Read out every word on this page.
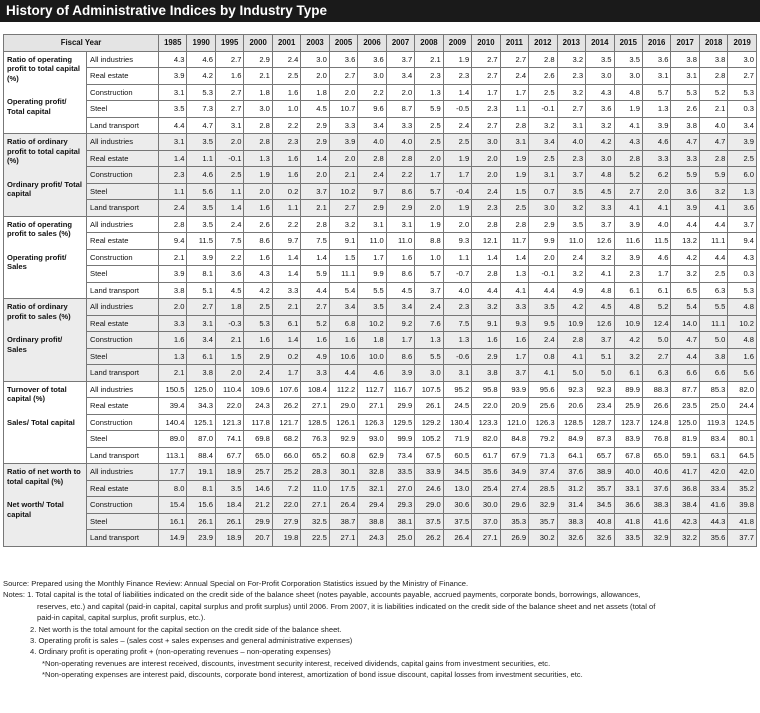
History of Administrative Indices by Industry Type
Fiscal Year		1985	1990	1995	2000	2001	2003	2005	2006	2007	2008	2009	2010	2011	2012	2013	2014	2015	2016	2017	2018	2019

Ratio of operating profit to total capital (%)
Operating profit/ Total capital	All industries	4.3	4.6	2.7	2.9	2.4	3.0	3.6	3.6	3.7	2.1	1.9	2.7	2.7	2.8	3.2	3.5	3.5	3.6	3.8	3.8	3.0
	Real estate	3.9	4.2	1.6	2.1	2.5	2.0	2.7	3.0	3.4	2.3	2.3	2.7	2.4	2.6	2.3	3.0	3.0	3.1	3.1	2.8	2.7
	Construction	3.1	5.3	2.7	1.8	1.6	1.8	2.0	2.2	2.0	1.3	1.4	1.7	1.7	2.5	3.2	4.3	4.8	5.7	5.3	5.2	5.3
	Steel	3.5	7.3	2.7	3.0	1.0	4.5	10.7	9.6	8.7	5.9	-0.5	2.3	1.1	-0.1	2.7	3.6	1.9	1.3	2.6	2.1	0.3
	Land transport	4.4	4.7	3.1	2.8	2.2	2.9	3.3	3.4	3.3	2.5	2.4	2.7	2.8	3.2	3.1	3.2	4.1	3.9	3.8	4.0	3.4

Ratio of ordinary profit to total capital (%)
Ordinary profit/ Total capital	All industries	3.1	3.5	2.0	2.8	2.3	2.9	3.9	4.0	4.0	2.5	2.5	3.0	3.1	3.4	4.0	4.2	4.3	4.6	4.7	4.7	3.9
	Real estate	1.4	1.1	-0.1	1.3	1.6	1.4	2.0	2.8	2.8	2.0	1.9	2.0	1.9	2.5	2.3	3.0	2.8	3.3	3.3	2.8	2.5
	Construction	2.3	4.6	2.5	1.9	1.6	2.0	2.1	2.4	2.2	1.7	1.7	2.0	1.9	3.1	3.7	4.8	5.2	6.2	5.9	5.9	6.0
	Steel	1.1	5.6	1.1	2.0	0.2	3.7	10.2	9.7	8.6	5.7	-0.4	2.4	1.5	0.7	3.5	4.5	2.7	2.0	3.6	3.2	1.3
	Land transport	2.4	3.5	1.4	1.6	1.1	2.1	2.7	2.9	2.9	2.0	1.9	2.3	2.5	3.0	3.2	3.3	4.1	4.1	3.9	4.1	3.6

Ratio of operating profit to sales (%)
Operating profit/ Sales	All industries	2.8	3.5	2.4	2.6	2.2	2.8	3.2	3.1	3.1	1.9	2.0	2.8	2.8	2.9	3.5	3.7	3.9	4.0	4.4	4.4	3.7
	Real estate	9.4	11.5	7.5	8.6	9.7	7.5	9.1	11.0	11.0	8.8	9.3	12.1	11.7	9.9	11.0	12.6	11.6	11.5	13.2	11.1	9.4
	Construction	2.1	3.9	2.2	1.6	1.4	1.4	1.5	1.7	1.6	1.0	1.1	1.4	1.4	2.0	2.4	3.2	3.9	4.6	4.2	4.4	4.3
	Steel	3.9	8.1	3.6	4.3	1.4	5.9	11.1	9.9	8.6	5.7	-0.7	2.8	1.3	-0.1	3.2	4.1	2.3	1.7	3.2	2.5	0.3
	Land transport	3.8	5.1	4.5	4.2	3.3	4.4	5.4	5.5	4.5	3.7	4.0	4.4	4.1	4.4	4.9	4.8	6.1	6.1	6.5	6.3	5.3

Ratio of ordinary profit to sales (%)
Ordinary profit/ Sales	All industries	2.0	2.7	1.8	2.5	2.1	2.7	3.4	3.5	3.4	2.4	2.3	3.2	3.3	3.5	4.2	4.5	4.8	5.2	5.4	5.5	4.8
	Real estate	3.3	3.1	-0.3	5.3	6.1	5.2	6.8	10.2	9.2	7.6	7.5	9.1	9.3	9.5	10.9	12.6	10.9	12.4	14.0	11.1	10.2
	Construction	1.6	3.4	2.1	1.6	1.4	1.6	1.6	1.8	1.7	1.3	1.3	1.6	1.6	2.4	2.8	3.7	4.2	5.0	4.7	5.0	4.8
	Steel	1.3	6.1	1.5	2.9	0.2	4.9	10.6	10.0	8.6	5.5	-0.6	2.9	1.7	0.8	4.1	5.1	3.2	2.7	4.4	3.8	1.6
	Land transport	2.1	3.8	2.0	2.4	1.7	3.3	4.4	4.6	3.9	3.0	3.1	3.8	3.7	4.1	5.0	5.0	6.1	6.3	6.6	6.6	5.6

Turnover of total capital (%)
Sales/ Total capital	All industries	150.5	125.0	110.4	109.6	107.6	108.4	112.2	112.7	116.7	107.5	95.2	95.8	93.9	95.6	92.3	92.3	89.9	88.3	87.7	85.3	82.0
	Real estate	39.4	34.3	22.0	24.3	26.2	27.1	29.0	27.1	29.9	26.1	24.5	22.0	20.9	25.6	20.6	23.4	25.9	26.6	23.5	25.0	24.4
	Construction	140.4	125.1	121.3	117.8	121.7	128.5	126.1	126.3	129.5	129.2	130.4	123.3	121.0	126.3	128.5	128.7	123.7	124.8	125.0	119.3	124.5
	Steel	89.0	87.0	74.1	69.8	68.2	76.3	92.9	93.0	99.9	105.2	71.9	82.0	84.8	79.2	84.9	87.3	83.9	76.8	81.9	83.4	80.1
	Land transport	113.1	88.4	67.7	65.0	66.0	65.2	60.8	62.9	73.4	67.5	60.5	61.7	67.9	71.3	64.1	65.7	67.8	65.0	59.1	63.1	64.5

Ratio of net worth to total capital (%)
Net worth/ Total capital	All industries	17.7	19.1	18.9	25.7	25.2	28.3	30.1	32.8	33.5	33.9	34.5	35.6	34.9	37.4	37.6	38.9	40.0	40.6	41.7	42.0	42.0
	Real estate	8.0	8.1	3.5	14.6	7.2	11.0	17.5	32.1	27.0	24.6	13.0	25.4	27.4	28.5	31.2	35.7	33.1	37.6	36.8	33.4	35.2
	Construction	15.4	15.6	18.4	21.2	22.0	27.1	26.4	29.4	29.3	29.0	30.6	30.0	29.6	32.9	31.4	34.5	36.6	38.3	38.4	41.6	39.8
	Steel	16.1	26.1	26.1	29.9	27.9	32.5	38.7	38.8	38.1	37.5	37.5	37.0	35.3	35.7	38.3	40.8	41.8	41.6	42.3	44.3	41.8
	Land transport	14.9	23.9	18.9	20.7	19.8	22.5	27.1	24.3	25.0	26.2	26.4	27.1	26.9	30.2	32.6	32.6	33.5	32.9	32.2	35.6	37.7
Source: Prepared using the Monthly Finance Review: Annual Special on For-Profit Corporation Statistics issued by the Ministry of Finance.
Notes: 1. Total capital is the total of liabilities indicated on the credit side of the balance sheet (notes payable, accounts payable, accrued payments, corporate bonds, borrowings, allowances,
reserves, etc.) and capital (paid-in capital, capital surplus and profit surplus) until 2006. From 2007, it is liabilities indicated on the credit side of the balance sheet and net assets (total of
paid-in capital, capital surplus, profit surplus, etc.).
2. Net worth is the total amount for the capital section on the credit side of the balance sheet.
3. Operating profit is sales – (sales cost + sales expenses and general administrative expenses)
4. Ordinary profit is operating profit + (non-operating revenues – non-operating expenses)
*Non-operating revenues are interest received, discounts, investment security interest, received dividends, capital gains from investment securities, etc.
*Non-operating expenses are interest paid, discounts, corporate bond interest, amortization of bond issue discount, capital losses from investment securities, etc.
